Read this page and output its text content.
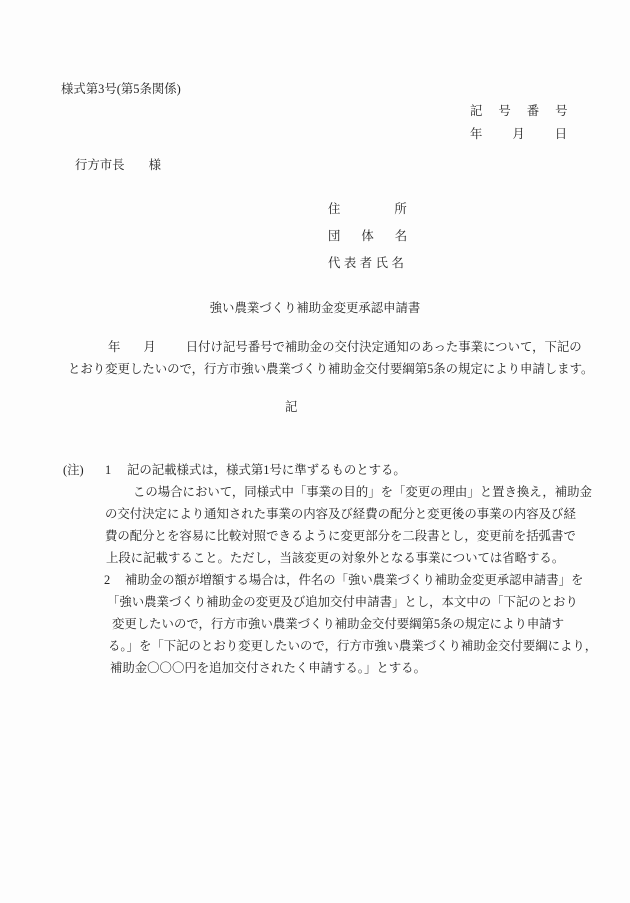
様式第3号(第5条関係)
記号番号
年月日
行方市長 様
住所
団体名
代表者氏名
強い農業づくり補助金変更承認申請書
年 月 日付け記号番号で補助金の交付決定通知のあった事業について，下記の
とおり変更したいので，行方市強い農業づくり補助金交付要綱第5条の規定により申請します。
記
(注) 1 記の記載様式は，様式第1号に準ずるものとする。
この場合において，同様式中「事業の目的」を「変更の理由」と置き換え，補助金
の交付決定により通知された事業の内容及び経費の配分と変更後の事業の内容及び経
費の配分とを容易に比較対照できるように変更部分を二段書とし，変更前を括弧書で
上段に記載すること。ただし，当該変更の対象外となる事業については省略する。
2 補助金の額が増額する場合は，件名の「強い農業づくり補助金変更承認申請書」を
「強い農業づくり補助金の変更及び追加交付申請書」とし，本文中の「下記のとおり
変更したいので，行方市強い農業づくり補助金交付要綱第5条の規定により申請す
る。」を「下記のとおり変更したいので，行方市強い農業づくり補助金交付要綱により，
補助金〇〇〇円を追加交付されたく申請する。」とする。
